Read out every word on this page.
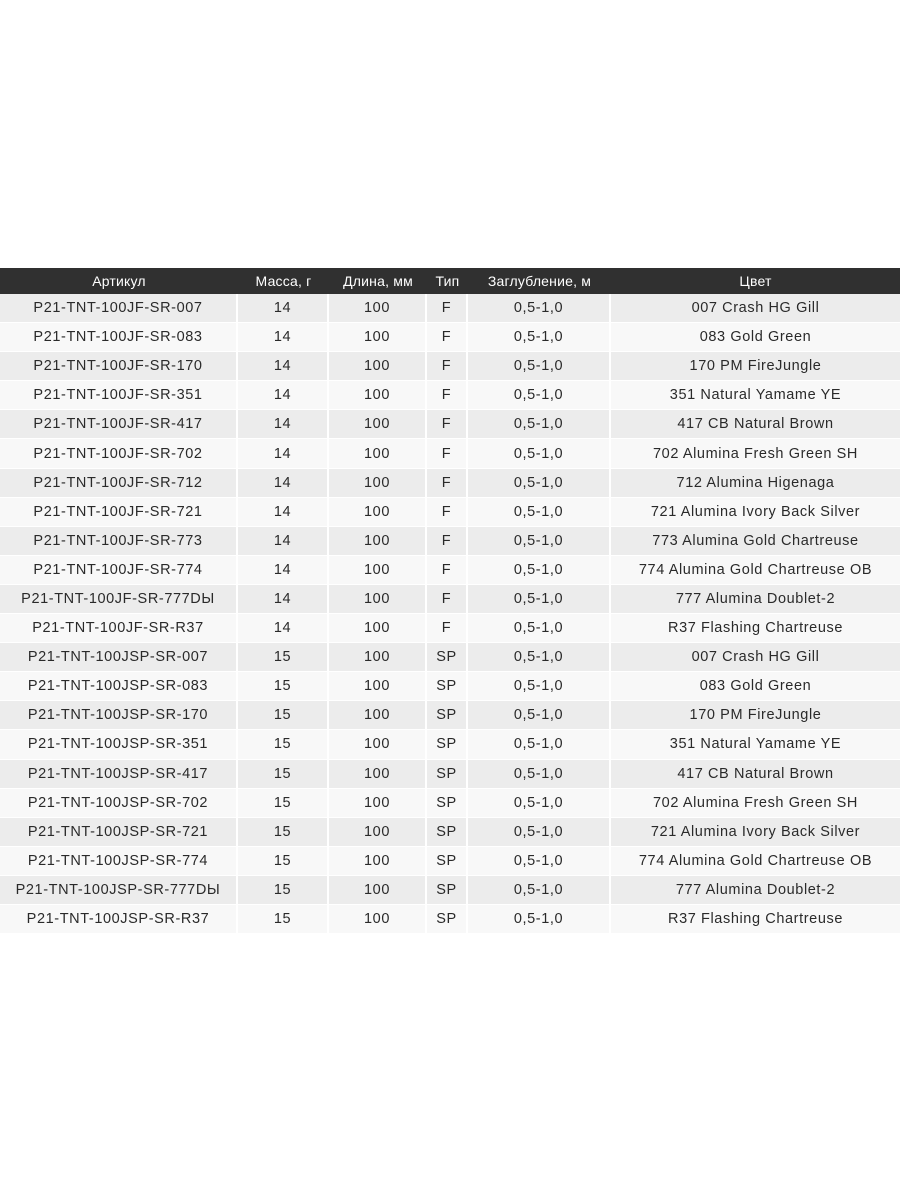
Артикул	Масса, г	Длина, мм	Тип	Заглубление, м	Цвет
P21-TNT-100JF-SR-007	14	100	F	0,5-1,0	007 Crash HG Gill
P21-TNT-100JF-SR-083	14	100	F	0,5-1,0	083 Gold Green
P21-TNT-100JF-SR-170	14	100	F	0,5-1,0	170 PM FireJungle
P21-TNT-100JF-SR-351	14	100	F	0,5-1,0	351 Natural Yamame YE
P21-TNT-100JF-SR-417	14	100	F	0,5-1,0	417 CB Natural Brown
P21-TNT-100JF-SR-702	14	100	F	0,5-1,0	702 Alumina Fresh Green SH
P21-TNT-100JF-SR-712	14	100	F	0,5-1,0	712 Alumina Higenaga
P21-TNT-100JF-SR-721	14	100	F	0,5-1,0	721 Alumina Ivory Back Silver
P21-TNT-100JF-SR-773	14	100	F	0,5-1,0	773 Alumina Gold Chartreuse
P21-TNT-100JF-SR-774	14	100	F	0,5-1,0	774 Alumina Gold Chartreuse OB
P21-TNT-100JF-SR-777DЫ	14	100	F	0,5-1,0	777 Alumina Doublet-2
P21-TNT-100JF-SR-R37	14	100	F	0,5-1,0	R37 Flashing Chartreuse
P21-TNT-100JSP-SR-007	15	100	SP	0,5-1,0	007 Crash HG Gill
P21-TNT-100JSP-SR-083	15	100	SP	0,5-1,0	083 Gold Green
P21-TNT-100JSP-SR-170	15	100	SP	0,5-1,0	170 PM FireJungle
P21-TNT-100JSP-SR-351	15	100	SP	0,5-1,0	351 Natural Yamame YE
P21-TNT-100JSP-SR-417	15	100	SP	0,5-1,0	417 CB Natural Brown
P21-TNT-100JSP-SR-702	15	100	SP	0,5-1,0	702 Alumina Fresh Green SH
P21-TNT-100JSP-SR-721	15	100	SP	0,5-1,0	721 Alumina Ivory Back Silver
P21-TNT-100JSP-SR-774	15	100	SP	0,5-1,0	774 Alumina Gold Chartreuse OB
P21-TNT-100JSP-SR-777DЫ	15	100	SP	0,5-1,0	777 Alumina Doublet-2
P21-TNT-100JSP-SR-R37	15	100	SP	0,5-1,0	R37 Flashing Chartreuse
